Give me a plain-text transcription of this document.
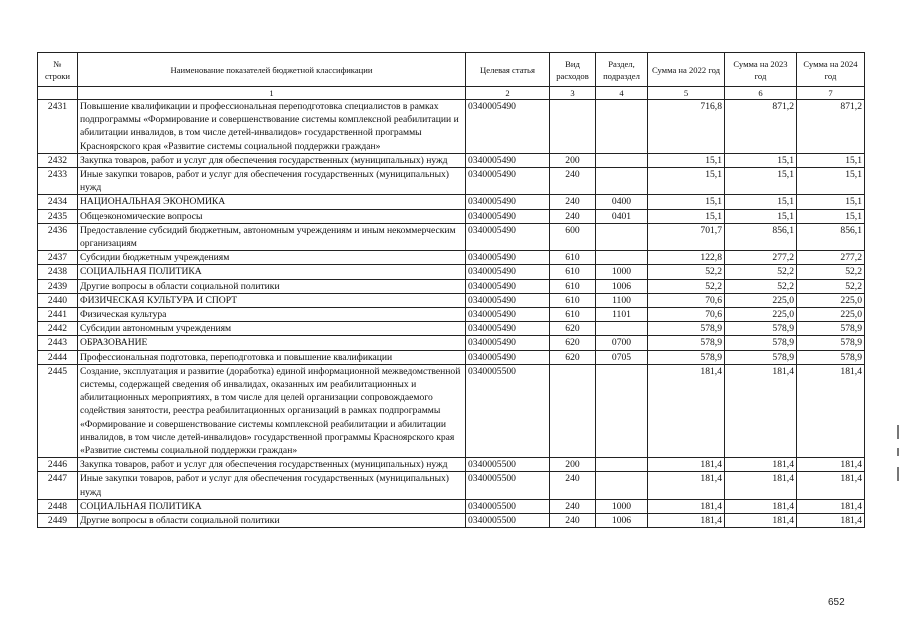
№ строки	Наименование показателей бюджетной классификации	Целевая статья	Вид расходов	Раздел, подраздел	Сумма на 2022 год	Сумма на 2023 год	Сумма на 2024 год
	1	2	3	4	5	6	7
2431	Повышение квалификации и профессиональная переподготовка специалистов в рамках подпрограммы «Формирование и совершенствование системы комплексной реабилитации и абилитации инвалидов, в том числе детей-инвалидов» государственной программы Красноярского края «Развитие системы социальной поддержки граждан»	0340005490			716,8	871,2	871,2
2432	Закупка товаров, работ и услуг для обеспечения государственных (муниципальных) нужд	0340005490	200		15,1	15,1	15,1
2433	Иные закупки товаров, работ и услуг для обеспечения государственных (муниципальных) нужд	0340005490	240		15,1	15,1	15,1
2434	НАЦИОНАЛЬНАЯ ЭКОНОМИКА	0340005490	240	0400	15,1	15,1	15,1
2435	Общеэкономические вопросы	0340005490	240	0401	15,1	15,1	15,1
2436	Предоставление субсидий бюджетным, автономным учреждениям и иным некоммерческим организациям	0340005490	600		701,7	856,1	856,1
2437	Субсидии бюджетным учреждениям	0340005490	610		122,8	277,2	277,2
2438	СОЦИАЛЬНАЯ ПОЛИТИКА	0340005490	610	1000	52,2	52,2	52,2
2439	Другие вопросы в области социальной политики	0340005490	610	1006	52,2	52,2	52,2
2440	ФИЗИЧЕСКАЯ КУЛЬТУРА И СПОРТ	0340005490	610	1100	70,6	225,0	225,0
2441	Физическая культура	0340005490	610	1101	70,6	225,0	225,0
2442	Субсидии автономным учреждениям	0340005490	620		578,9	578,9	578,9
2443	ОБРАЗОВАНИЕ	0340005490	620	0700	578,9	578,9	578,9
2444	Профессиональная подготовка, переподготовка и повышение квалификации	0340005490	620	0705	578,9	578,9	578,9
2445	Создание, эксплуатация и развитие (доработка) единой информационной межведомственной системы, содержащей сведения об инвалидах, оказанных им реабилитационных и абилитационных мероприятиях, в том числе для целей организации сопровождаемого содействия занятости, реестра реабилитационных организаций в рамках подпрограммы «Формирование и совершенствование системы комплексной реабилитации и абилитации инвалидов, в том числе детей-инвалидов» государственной программы Красноярского края «Развитие системы социальной поддержки граждан»	0340005500			181,4	181,4	181,4
2446	Закупка товаров, работ и услуг для обеспечения государственных (муниципальных) нужд	0340005500	200		181,4	181,4	181,4
2447	Иные закупки товаров, работ и услуг для обеспечения государственных (муниципальных) нужд	0340005500	240		181,4	181,4	181,4
2448	СОЦИАЛЬНАЯ ПОЛИТИКА	0340005500	240	1000	181,4	181,4	181,4
2449	Другие вопросы в области социальной политики	0340005500	240	1006	181,4	181,4	181,4
652
